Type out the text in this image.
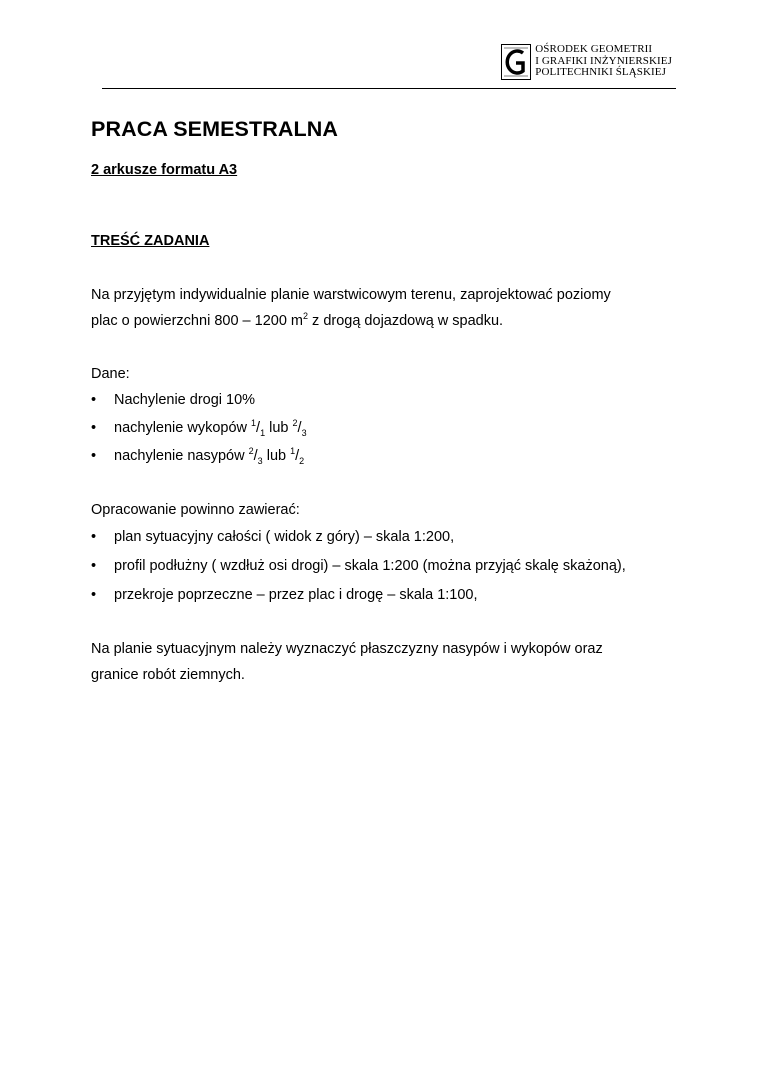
OŚRODEK GEOMETRII
I GRAFIKI INŻYNIERSKIEJ
POLITECHNIKI ŚLĄSKIEJ
PRACA SEMESTRALNA
2 arkusze formatu A3
TREŚĆ ZADANIA
Na przyjętym indywidualnie planie warstwicowym terenu, zaprojektować poziomy
plac o powierzchni 800 – 1200 $m^2$ z drogą dojazdową w spadku.
Dane:
•	Nachylenie drogi 10%
•	nachylenie wykopów $^1/_1$ lub $^2/_3$
•	nachylenie nasypów $^2/_3$ lub $^1/_2$
Opracowanie powinno zawierać:
•	plan sytuacyjny całości ( widok z góry) – skala 1:200,
•	profil podłużny ( wzdłuż osi drogi) – skala 1:200 (można przyjąć skalę skażoną),
•	przekroje poprzeczne – przez plac i drogę – skala 1:100,
Na planie sytuacyjnym należy wyznaczyć płaszczyzny nasypów i wykopów oraz
granice robót ziemnych.
